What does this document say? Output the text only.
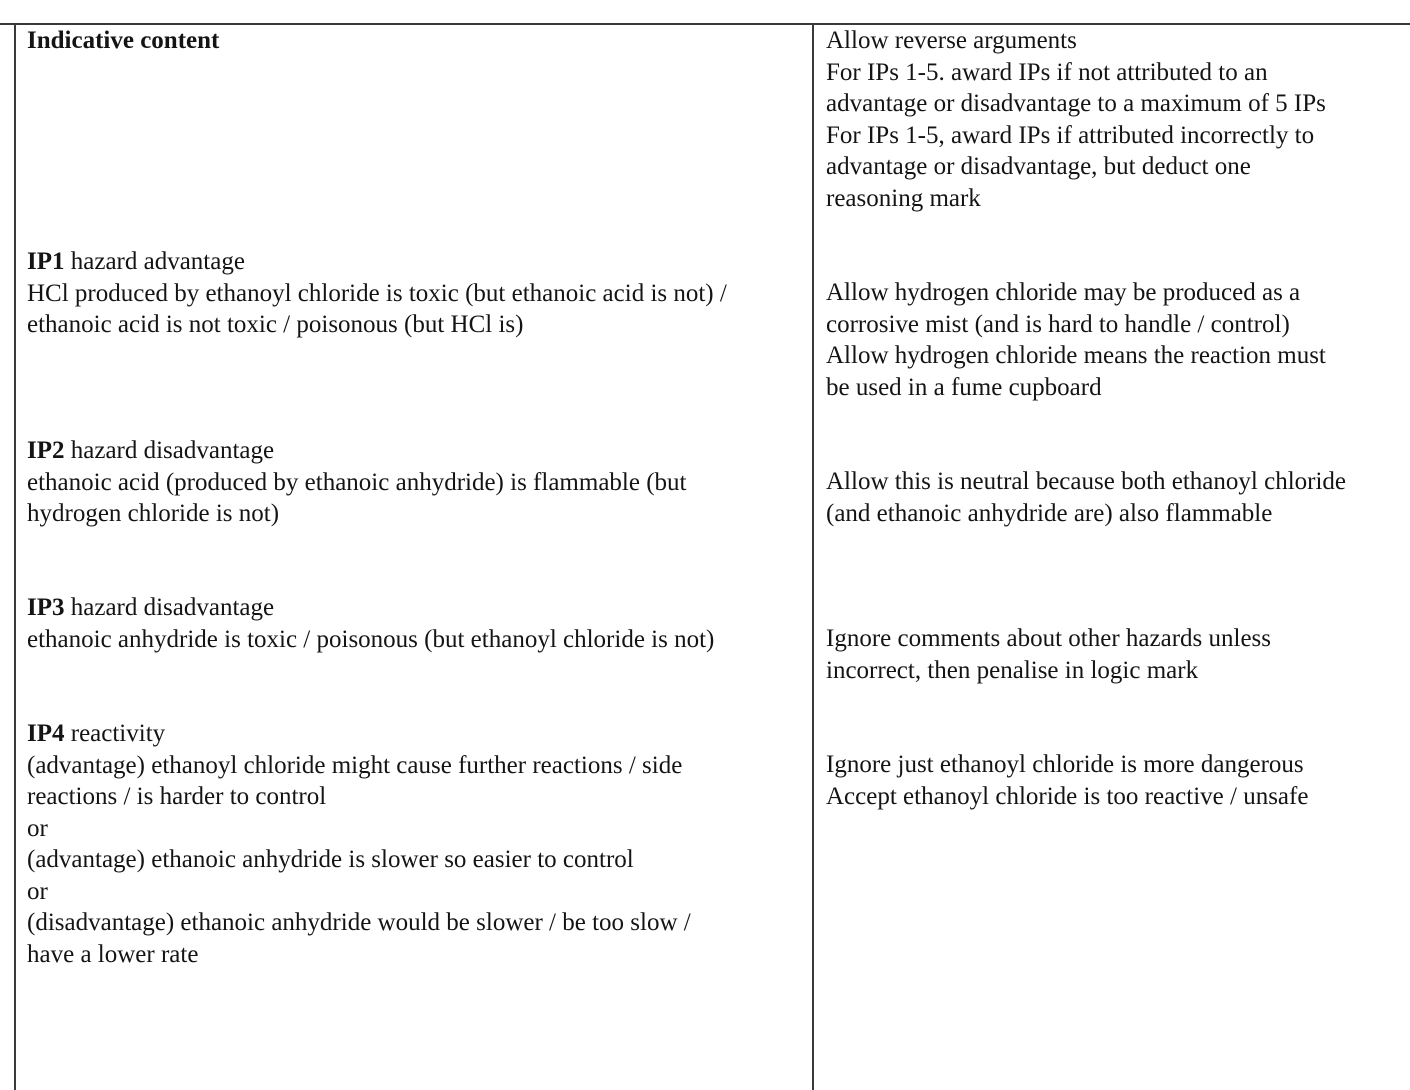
Indicative content
IP1 hazard advantage
HCl produced by ethanoyl chloride is toxic (but ethanoic acid is not) /
ethanoic acid is not toxic / poisonous (but HCl is)
IP2 hazard disadvantage
ethanoic acid (produced by ethanoic anhydride) is flammable (but
hydrogen chloride is not)
IP3 hazard disadvantage
ethanoic anhydride is toxic / poisonous (but ethanoyl chloride is not)
IP4 reactivity
(advantage) ethanoyl chloride might cause further reactions / side
reactions / is harder to control
or
(advantage) ethanoic anhydride is slower so easier to control
or
(disadvantage) ethanoic anhydride would be slower / be too slow /
have a lower rate
Allow reverse arguments
For IPs 1-5. award IPs if not attributed to an
advantage or disadvantage to a maximum of 5 IPs
For IPs 1-5, award IPs if attributed incorrectly to
advantage or disadvantage, but deduct one
reasoning mark
Allow hydrogen chloride may be produced as a
corrosive mist (and is hard to handle / control)
Allow hydrogen chloride means the reaction must
be used in a fume cupboard
Allow this is neutral because both ethanoyl chloride
(and ethanoic anhydride are) also flammable
Ignore comments about other hazards unless
incorrect, then penalise in logic mark
Ignore just ethanoyl chloride is more dangerous
Accept ethanoyl chloride is too reactive / unsafe
